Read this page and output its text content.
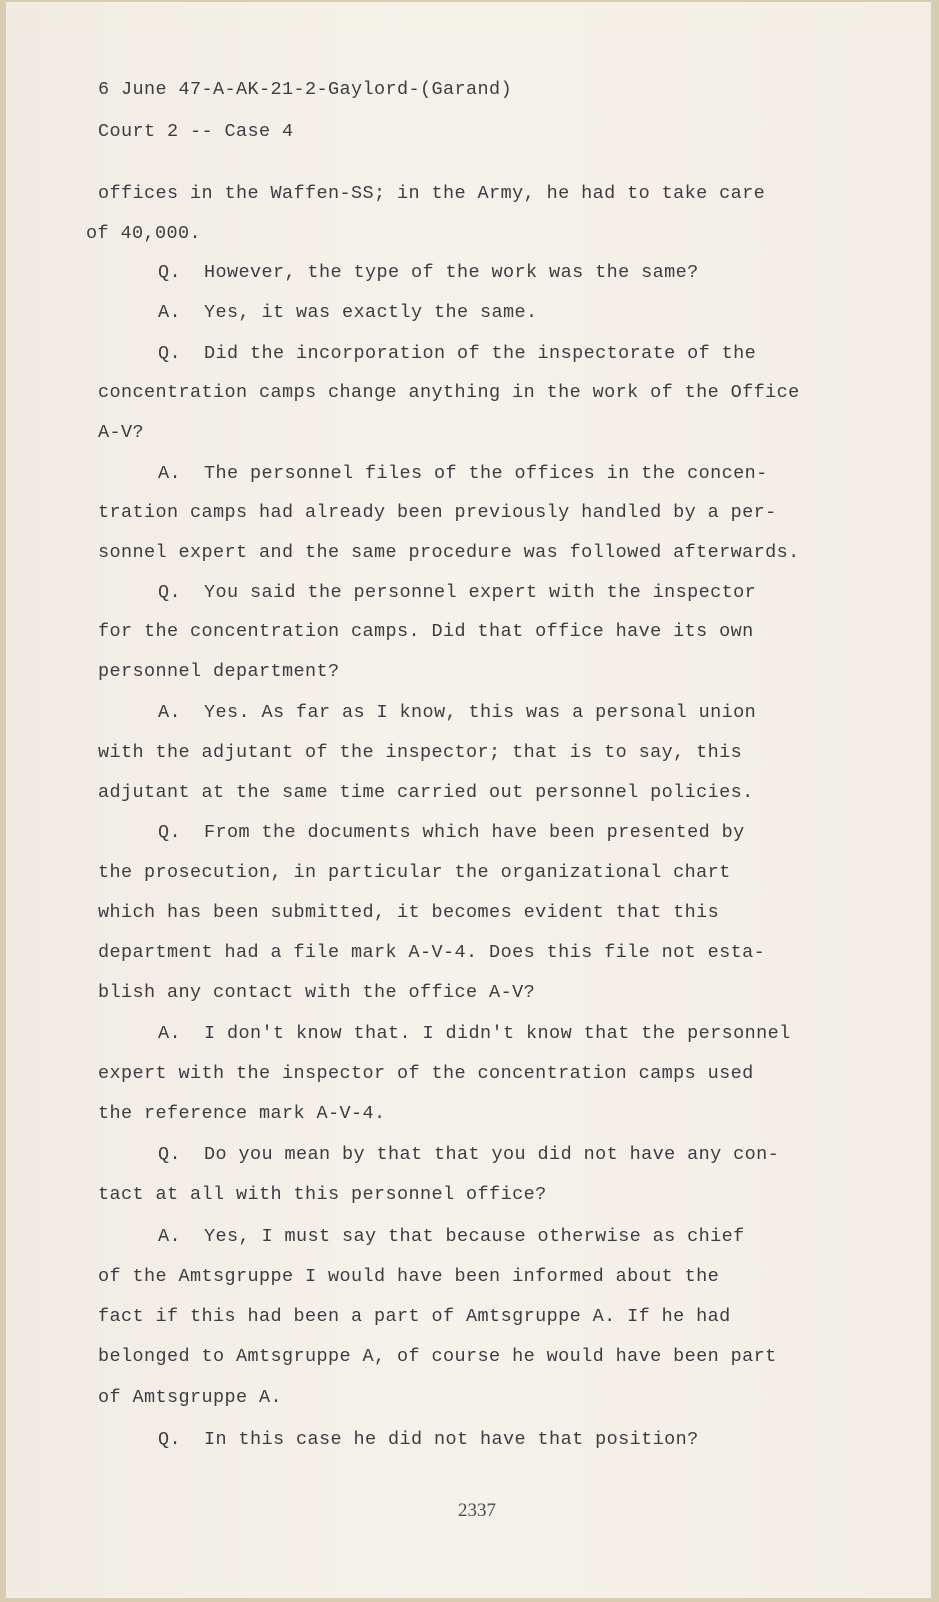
6 June 47-A-AK-21-2-Gaylord-(Garand)
Court 2 -- Case 4
offices in the Waffen-SS; in the Army, he had to take care
of 40,000.
Q.  However, the type of the work was the same?
A.  Yes, it was exactly the same.
Q.  Did the incorporation of the inspectorate of the
concentration camps change anything in the work of the Office
A-V?
A.  The personnel files of the offices in the concen-
tration camps had already been previously handled by a per-
sonnel expert and the same procedure was followed afterwards.
Q.  You said the personnel expert with the inspector
for the concentration camps. Did that office have its own
personnel department?
A.  Yes. As far as I know, this was a personal union
with the adjutant of the inspector; that is to say, this
adjutant at the same time carried out personnel policies.
Q.  From the documents which have been presented by
the prosecution, in particular the organizational chart
which has been submitted, it becomes evident that this
department had a file mark A-V-4. Does this file not esta-
blish any contact with the office A-V?
A.  I don't know that. I didn't know that the personnel
expert with the inspector of the concentration camps used
the reference mark A-V-4.
Q.  Do you mean by that that you did not have any con-
tact at all with this personnel office?
A.  Yes, I must say that because otherwise as chief
of the Amtsgruppe I would have been informed about the
fact if this had been a part of Amtsgruppe A. If he had
belonged to Amtsgruppe A, of course he would have been part
of Amtsgruppe A.
Q.  In this case he did not have that position?
2337
